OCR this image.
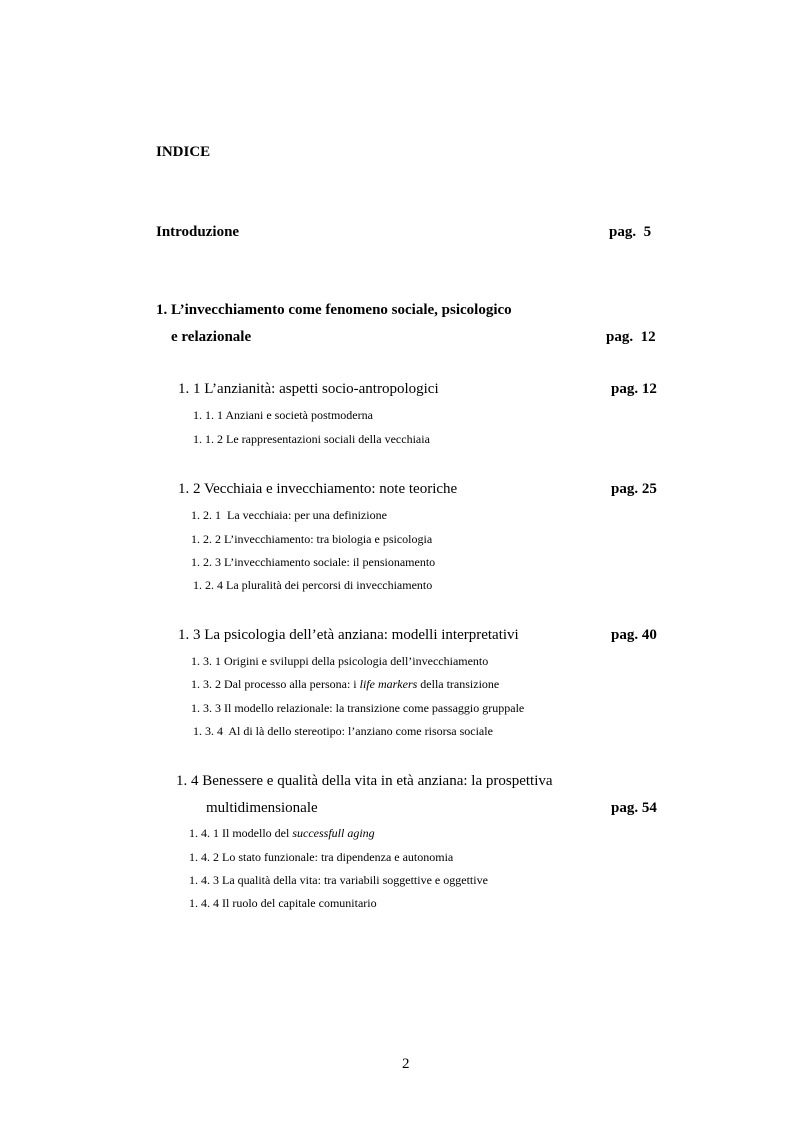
INDICE
Introduzione	pag.  5
1. L’invecchiamento come fenomeno sociale, psicologico
e relazionale	pag.  12
1. 1 L’anzianità: aspetti socio-antropologici	pag. 12
1. 1. 1 Anziani e società postmoderna
1. 1. 2 Le rappresentazioni sociali della vecchiaia
1. 2 Vecchiaia e invecchiamento: note teoriche	pag. 25
1. 2. 1  La vecchiaia: per una definizione
1. 2. 2 L’invecchiamento: tra biologia e psicologia
1. 2. 3 L’invecchiamento sociale: il pensionamento
1. 2. 4 La pluralità dei percorsi di invecchiamento
1. 3 La psicologia dell’età anziana: modelli interpretativi	pag. 40
1. 3. 1 Origini e sviluppi della psicologia dell’invecchiamento
1. 3. 2 Dal processo alla persona: i life markers della transizione
1. 3. 3 Il modello relazionale: la transizione come passaggio gruppale
1. 3. 4  Al di là dello stereotipo: l’anziano come risorsa sociale
1. 4 Benessere e qualità della vita in età anziana: la prospettiva
multidimensionale	pag. 54
1. 4. 1 Il modello del successfull aging
1. 4. 2 Lo stato funzionale: tra dipendenza e autonomia
1. 4. 3 La qualità della vita: tra variabili soggettive e oggettive
1. 4. 4 Il ruolo del capitale comunitario
2
